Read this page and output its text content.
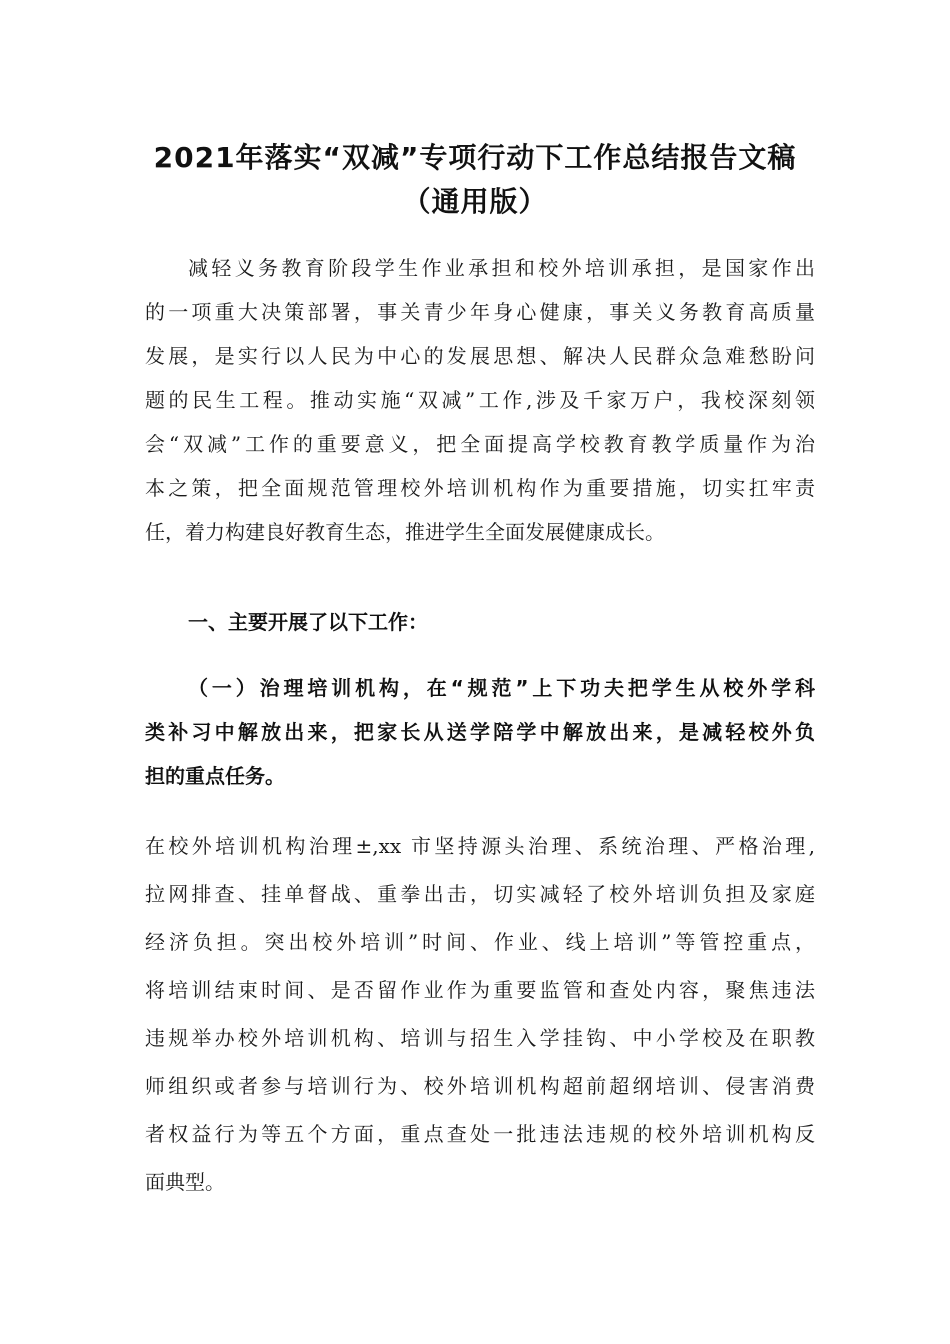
2021年落实“双减”专项行动下工作总结报告文稿
（通用版）
减轻义务教育阶段学生作业承担和校外培训承担，是国家作出
的一项重大决策部署，事关青少年身心健康，事关义务教育高质量
发展，是实行以人民为中心的发展思想、解决人民群众急难愁盼问
题的民生工程。推动实施“双减”工作,涉及千家万户，我校深刻领
会“双减”工作的重要意义，把全面提高学校教育教学质量作为治
本之策，把全面规范管理校外培训机构作为重要措施，切实扛牢责
任，着力构建良好教育生态，推进学生全面发展健康成长。
一、主要开展了以下工作：
（一）治理培训机构，在“规范”上下功夫把学生从校外学科
类补习中解放出来，把家长从送学陪学中解放出来，是减轻校外负
担的重点任务。
在校外培训机构治理±,xx 市坚持源头治理、系统治理、严格治理,
拉网排查、挂单督战、重拳出击，切实减轻了校外培训负担及家庭
经济负担。突出校外培训”时间、作业、线上培训”等管控重点，
将培训结束时间、是否留作业作为重要监管和查处内容，聚焦违法
违规举办校外培训机构、培训与招生入学挂钩、中小学校及在职教
师组织或者参与培训行为、校外培训机构超前超纲培训、侵害消费
者权益行为等五个方面，重点查处一批违法违规的校外培训机构反
面典型。
